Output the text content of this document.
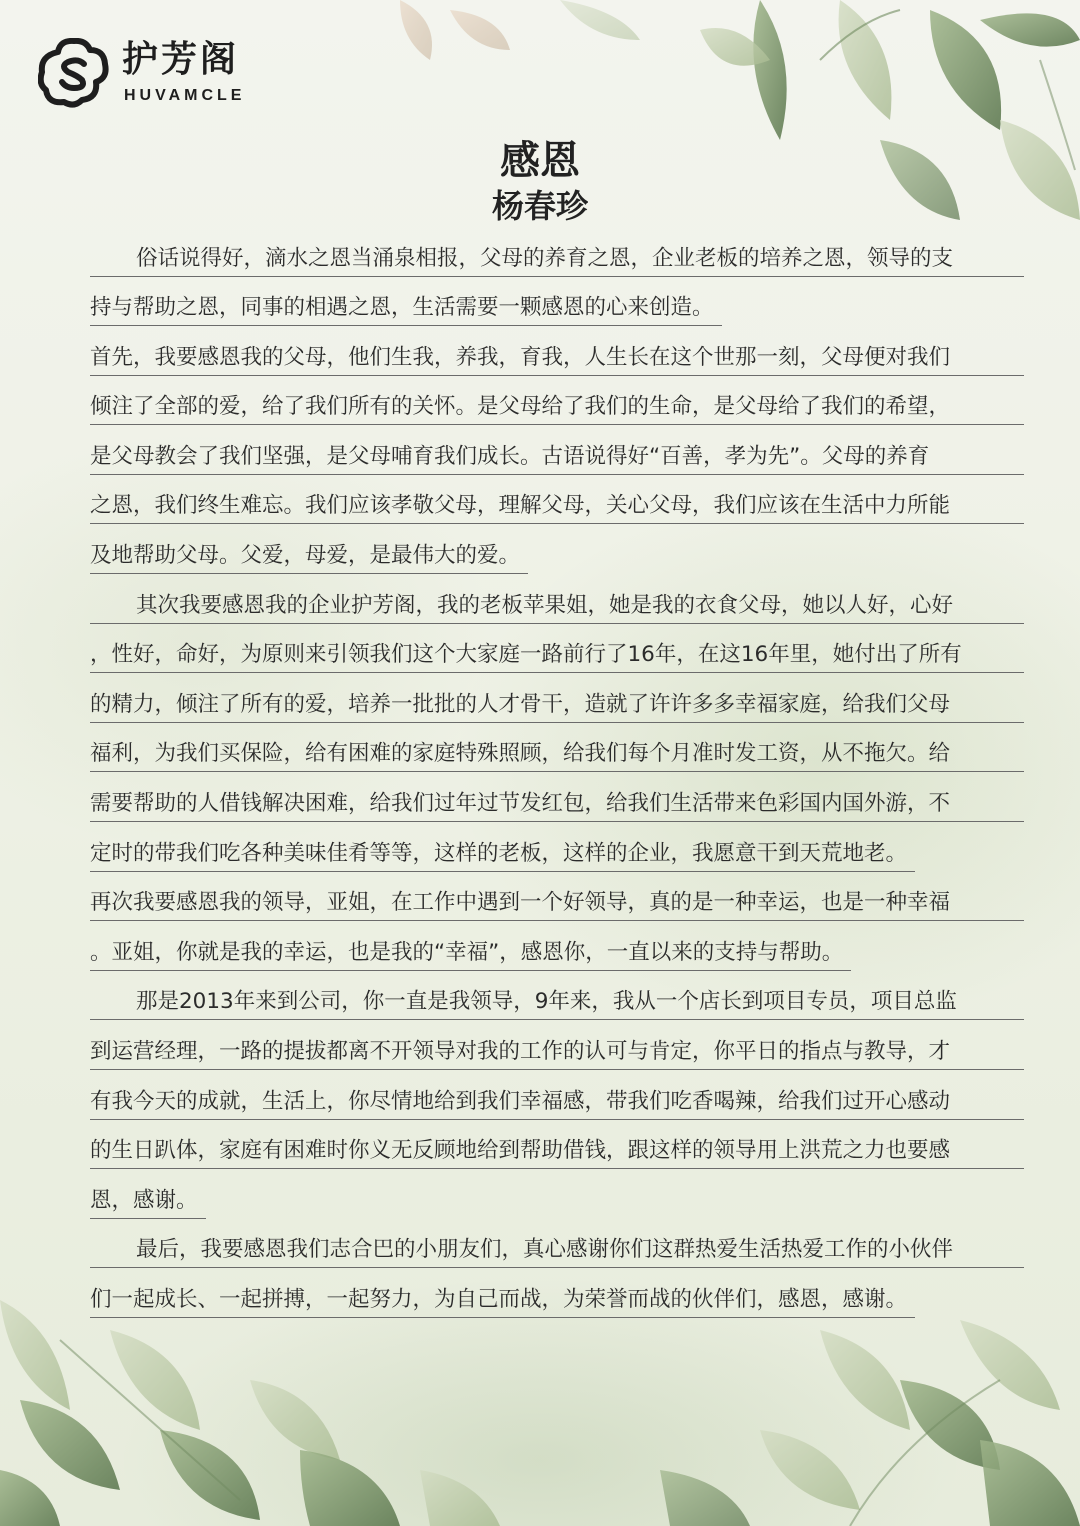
护芳阁
HUVAMCLE
感恩
杨春珍
俗话说得好，滴水之恩当涌泉相报，父母的养育之恩，企业老板的培养之恩，领导的支
持与帮助之恩，同事的相遇之恩，生活需要一颗感恩的心来创造。
首先，我要感恩我的父母，他们生我，养我，育我，人生长在这个世那一刻，父母便对我们
倾注了全部的爱，给了我们所有的关怀。是父母给了我们的生命，是父母给了我们的希望，
是父母教会了我们坚强，是父母哺育我们成长。古语说得好“百善，孝为先”。父母的养育
之恩，我们终生难忘。我们应该孝敬父母，理解父母，关心父母，我们应该在生活中力所能
及地帮助父母。父爱，母爱，是最伟大的爱。
其次我要感恩我的企业护芳阁，我的老板苹果姐，她是我的衣食父母，她以人好，心好
，性好，命好，为原则来引领我们这个大家庭一路前行了16年，在这16年里，她付出了所有
的精力，倾注了所有的爱，培养一批批的人才骨干，造就了许许多多幸福家庭，给我们父母
福利，为我们买保险，给有困难的家庭特殊照顾，给我们每个月准时发工资，从不拖欠。给
需要帮助的人借钱解决困难，给我们过年过节发红包，给我们生活带来色彩国内国外游，不
定时的带我们吃各种美味佳肴等等，这样的老板，这样的企业，我愿意干到天荒地老。
再次我要感恩我的领导，亚姐，在工作中遇到一个好领导，真的是一种幸运，也是一种幸福
。亚姐，你就是我的幸运，也是我的“幸福”，感恩你，一直以来的支持与帮助。
那是2013年来到公司，你一直是我领导，9年来，我从一个店长到项目专员，项目总监
到运营经理，一路的提拔都离不开领导对我的工作的认可与肯定，你平日的指点与教导，才
有我今天的成就，生活上，你尽情地给到我们幸福感，带我们吃香喝辣，给我们过开心感动
的生日趴体，家庭有困难时你义无反顾地给到帮助借钱，跟这样的领导用上洪荒之力也要感
恩，感谢。
最后，我要感恩我们志合巴的小朋友们，真心感谢你们这群热爱生活热爱工作的小伙伴
们一起成长、一起拼搏，一起努力，为自己而战，为荣誉而战的伙伴们，感恩，感谢。
